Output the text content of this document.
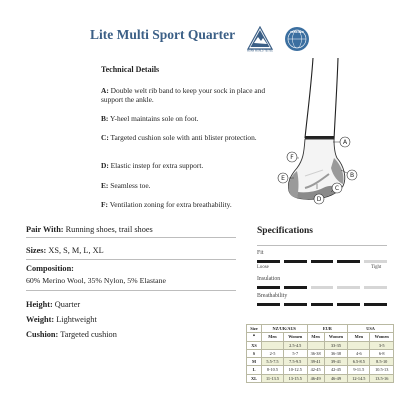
Lite Multi Sport Quarter
WORN WORLD TESTED
MERINO
Technical Details
A: Double welt rib band to keep your sock in place and support the ankle.
B: Y-heel maintains sole on foot.
C: Targeted cushion sole with anti blister protection.
D: Elastic instep for extra support.
E: Seamless toe.
F: Ventilation zoning for extra breathability.
A
B
C
D
E
F
Pair With: Running shoes, trail shoes
Sizes: XS, S, M, L, XL
Composition:
60% Merino Wool, 35% Nylon, 5% Elastane
Height: Quarter
Weight: Lightweight
Cushion: Targeted cushion
Specifications
Fit
Loose	Tight
Insulation
Breathability
Size	NZ/UK/AUS		EUR		USA	
⚬	Men	Women	Men	Women	Men	Women
XS		2.5-4.5		33-35		3-5
S	2-5	5-7	36-38	36-38	4-6	6-8
M	5.5-7.5	7.5-9.5	39-41	39-41	6.5-8.5	8.5-10
L	8-10.5	10-12.5	42-45	42-45	9-11.5	10.5-13
XL	11-13.5	13-15.5	46-49	46-49	12-14.5	13.5-16
